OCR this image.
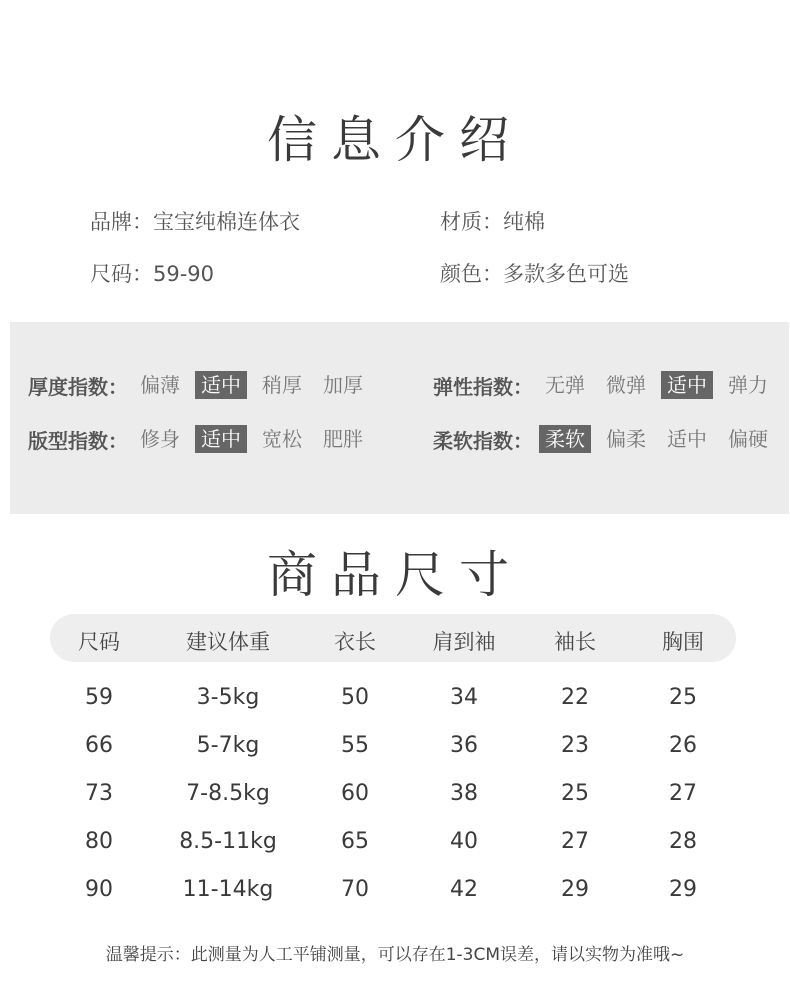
信息介绍
品牌：宝宝纯棉连体衣	材质：纯棉
尺码：59-90	颜色：多款多色可选
厚度指数： 偏薄	适中	稍厚	加厚	弹性指数： 无弹	微弹	适中	弹力
版型指数： 修身	适中	宽松	肥胖	柔软指数： 柔软	偏柔	适中	偏硬
商品尺寸
尺码	建议体重	衣长	肩到袖	袖长	胸围
59	3-5kg	50	34	22	25
66	5-7kg	55	36	23	26
73	7-8.5kg	60	38	25	27
80	8.5-11kg	65	40	27	28
90	11-14kg	70	42	29	29
温馨提示：此测量为人工平铺测量，可以存在1-3CM误差，请以实物为准哦~
